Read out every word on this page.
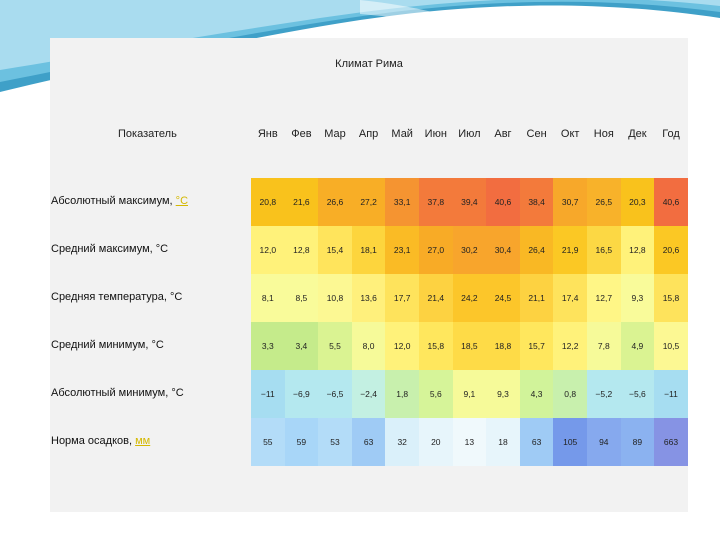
Климат Рима
Показатель	Янв	Фев	Мар	Апр	Май	Июн	Июл	Авг	Сен	Окт	Ноя	Дек	Год
Абсолютный максимум, °C	20,8	21,6	26,6	27,2	33,1	37,8	39,4	40,6	38,4	30,7	26,5	20,3	40,6
Средний максимум, °C	12,0	12,8	15,4	18,1	23,1	27,0	30,2	30,4	26,4	21,9	16,5	12,8	20,6
Средняя температура, °C	8,1	8,5	10,8	13,6	17,7	21,4	24,2	24,5	21,1	17,4	12,7	9,3	15,8
Средний минимум, °C	3,3	3,4	5,5	8,0	12,0	15,8	18,5	18,8	15,7	12,2	7,8	4,9	10,5
Абсолютный минимум, °C	−11	−6,9	−6,5	−2,4	1,8	5,6	9,1	9,3	4,3	0,8	−5,2	−5,6	−11
Норма осадков, мм	55	59	53	63	32	20	13	18	63	105	94	89	663
